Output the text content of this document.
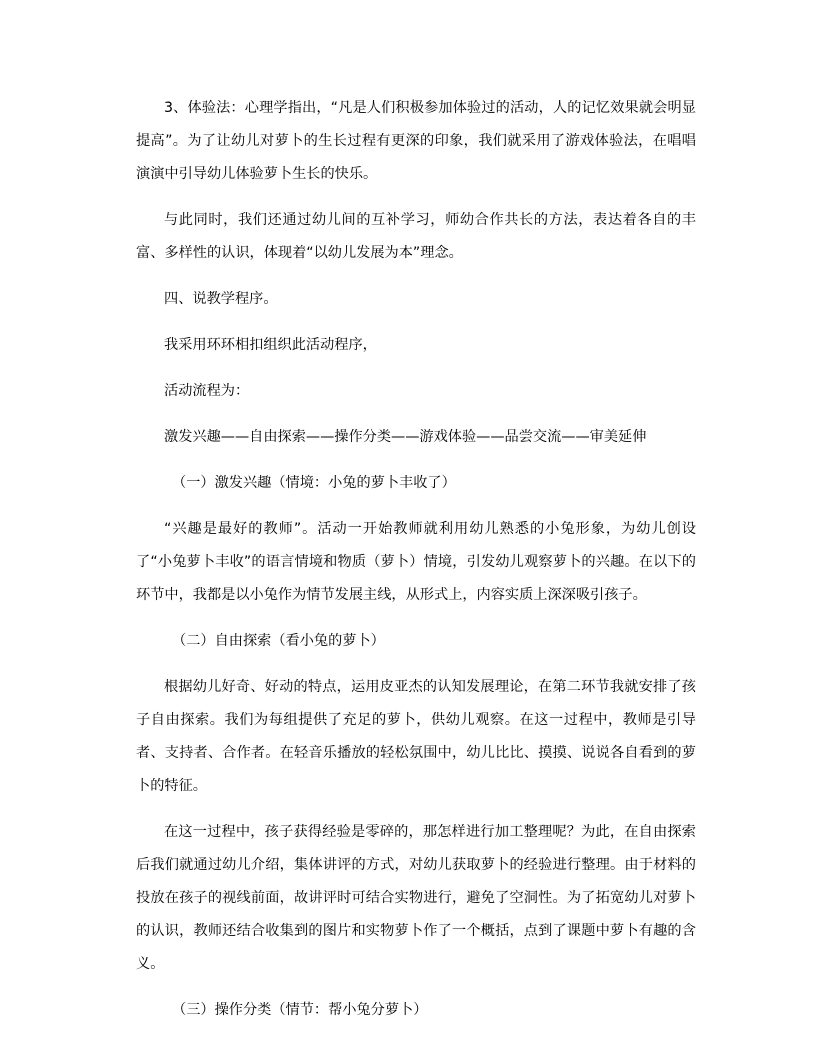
3、体验法：心理学指出，“凡是人们积极参加体验过的活动，人的记忆效果就会明显提高”。为了让幼儿对萝卜的生长过程有更深的印象，我们就采用了游戏体验法，在唱唱演演中引导幼儿体验萝卜生长的快乐。

与此同时，我们还通过幼儿间的互补学习，师幼合作共长的方法，表达着各自的丰富、多样性的认识，体现着“以幼儿发展为本”理念。

四、说教学程序。

我采用环环相扣组织此活动程序，

活动流程为：

激发兴趣——自由探索——操作分类——游戏体验——品尝交流——审美延伸

（一）激发兴趣（情境：小兔的萝卜丰收了）

“兴趣是最好的教师”。活动一开始教师就利用幼儿熟悉的小兔形象，为幼儿创设了“小兔萝卜丰收”的语言情境和物质（萝卜）情境，引发幼儿观察萝卜的兴趣。在以下的环节中，我都是以小兔作为情节发展主线，从形式上，内容实质上深深吸引孩子。

（二）自由探索（看小兔的萝卜）

根据幼儿好奇、好动的特点，运用皮亚杰的认知发展理论，在第二环节我就安排了孩子自由探索。我们为每组提供了充足的萝卜，供幼儿观察。在这一过程中，教师是引导者、支持者、合作者。在轻音乐播放的轻松氛围中，幼儿比比、摸摸、说说各自看到的萝卜的特征。

在这一过程中，孩子获得经验是零碎的，那怎样进行加工整理呢？为此，在自由探索后我们就通过幼儿介绍，集体讲评的方式，对幼儿获取萝卜的经验进行整理。由于材料的投放在孩子的视线前面，故讲评时可结合实物进行，避免了空洞性。为了拓宽幼儿对萝卜的认识，教师还结合收集到的图片和实物萝卜作了一个概括，点到了课题中萝卜有趣的含义。

（三）操作分类（情节：帮小兔分萝卜）
